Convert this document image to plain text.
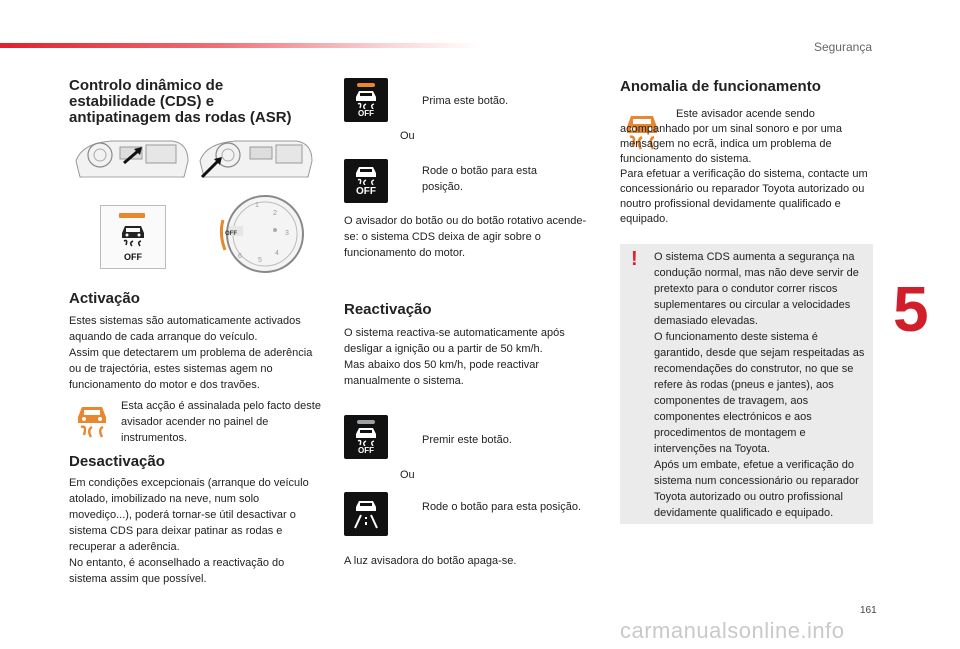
Segurança
5
161
Controlo dinâmico de estabilidade (CDS) e antipatinagem das rodas (ASR)
OFF
OFF
1
2
3
4
5
6
Activação

Estes sistemas são automaticamente activados aquando de cada arranque do veículo.
Assim que detectarem um problema de aderência ou de trajectória, estes sistemas agem no funcionamento do motor e dos travões.

Esta acção é assinalada pelo facto deste avisador acender no painel de instrumentos.

Desactivação

Em condições excepcionais (arranque do veículo atolado, imobilizado na neve, num solo movediço...), poderá tornar-se útil desactivar o sistema CDS para deixar patinar as rodas e recuperar a aderência.
No entanto, é aconselhado a reactivação do sistema assim que possível.

OFF

Prima este botão.

Ou

OFF

Rode o botão para esta posição.

O avisador do botão ou do botão rotativo acende-se: o sistema CDS deixa de agir sobre o funcionamento do motor.

Reactivação

O sistema reactiva-se automaticamente após desligar a ignição ou a partir de 50 km/h.
Mas abaixo dos 50 km/h, pode reactivar manualmente o sistema.

OFF

Premir este botão.

Ou

Rode o botão para esta posição.

A luz avisadora do botão apaga-se.

Anomalia de funcionamento

Este avisador acende sendo acompanhado por um sinal sonoro e por uma mensagem no ecrã, indica um problema de funcionamento do sistema.
Para efetuar a verificação do sistema, contacte um concessionário ou reparador Toyota autorizado ou noutro profissional devidamente qualificado e equipado.

! O sistema CDS aumenta a segurança na condução normal, mas não deve servir de pretexto para o condutor correr riscos suplementares ou circular a velocidades demasiado elevadas.
O funcionamento deste sistema é garantido, desde que sejam respeitadas as recomendações do construtor, no que se refere às rodas (pneus e jantes), aos componentes de travagem, aos componentes electrónicos e aos procedimentos de montagem e intervenções na Toyota.
Após um embate, efetue a verificação do sistema num concessionário ou reparador Toyota autorizado ou outro profissional devidamente qualificado e equipado.

carmanualsonline.info
